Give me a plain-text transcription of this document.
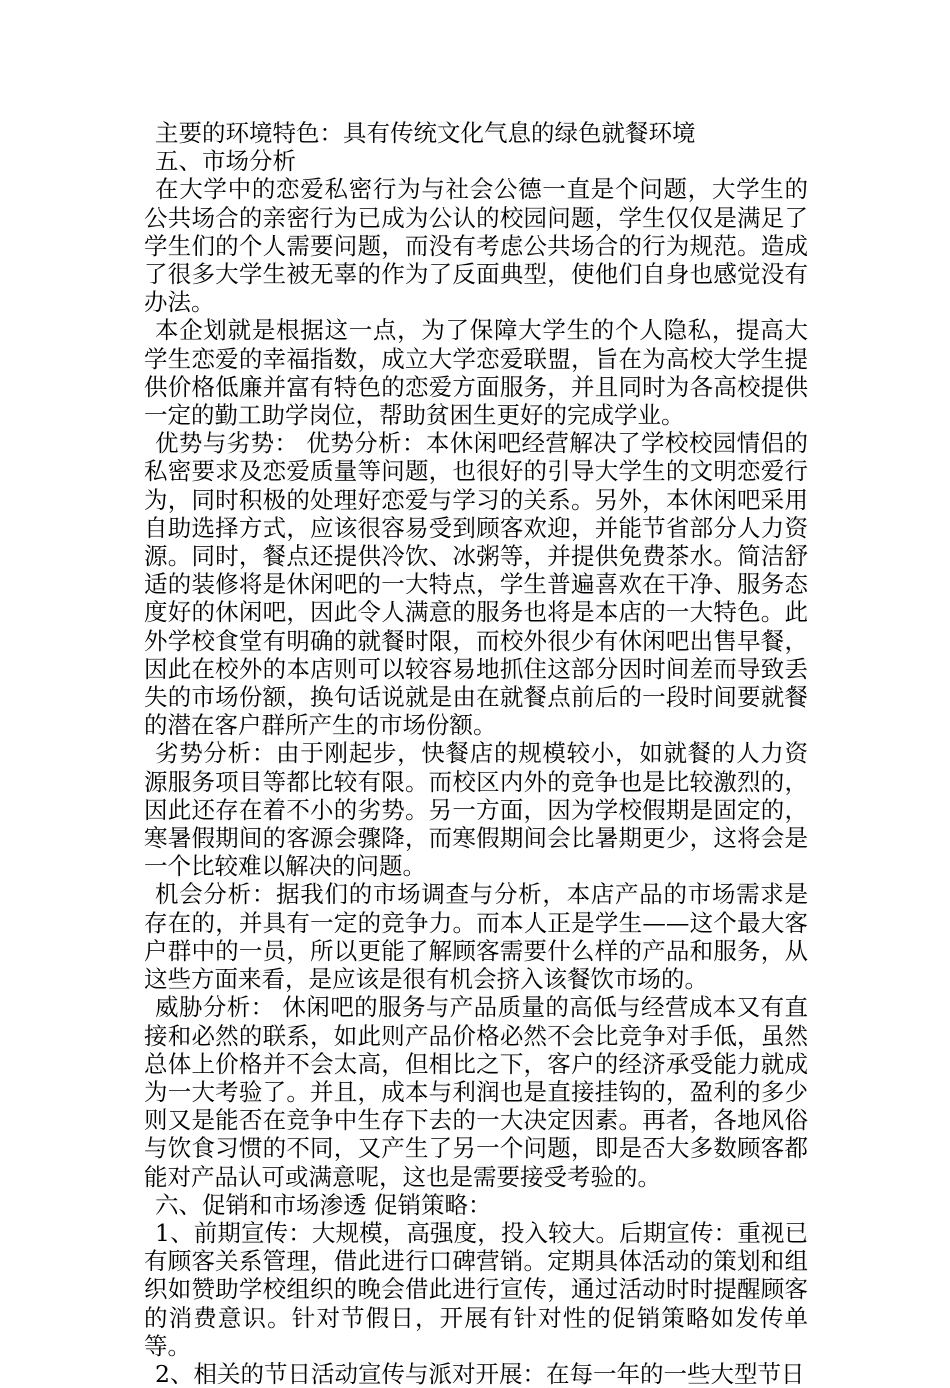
主要的环境特色：具有传统文化气息的绿色就餐环境

五、市场分析

在大学中的恋爱私密行为与社会公德一直是个问题，大学生的公共场合的亲密行为已成为公认的校园问题，学生仅仅是满足了学生们的个人需要问题，而没有考虑公共场合的行为规范。造成了很多大学生被无辜的作为了反面典型，使他们自身也感觉没有办法。

本企划就是根据这一点，为了保障大学生的个人隐私，提高大学生恋爱的幸福指数，成立大学恋爱联盟，旨在为高校大学生提供价格低廉并富有特色的恋爱方面服务，并且同时为各高校提供一定的勤工助学岗位，帮助贫困生更好的完成学业。

优势与劣势： 优势分析：本休闲吧经营解决了学校校园情侣的私密要求及恋爱质量等问题，也很好的引导大学生的文明恋爱行为，同时积极的处理好恋爱与学习的关系。另外，本休闲吧采用自助选择方式，应该很容易受到顾客欢迎，并能节省部分人力资源。同时，餐点还提供冷饮、冰粥等，并提供免费茶水。简洁舒适的装修将是休闲吧的一大特点，学生普遍喜欢在干净、服务态度好的休闲吧，因此令人满意的服务也将是本店的一大特色。此外学校食堂有明确的就餐时限，而校外很少有休闲吧出售早餐，因此在校外的本店则可以较容易地抓住这部分因时间差而导致丢失的市场份额，换句话说就是由在就餐点前后的一段时间要就餐的潜在客户群所产生的市场份额。

劣势分析：由于刚起步，快餐店的规模较小，如就餐的人力资源服务项目等都比较有限。而校区内外的竞争也是比较激烈的，因此还存在着不小的劣势。另一方面，因为学校假期是固定的，寒暑假期间的客源会骤降，而寒假期间会比暑期更少，这将会是一个比较难以解决的问题。

机会分析：据我们的市场调查与分析，本店产品的市场需求是存在的，并具有一定的竞争力。而本人正是学生——这个最大客户群中的一员，所以更能了解顾客需要什么样的产品和服务，从这些方面来看，是应该是很有机会挤入该餐饮市场的。

威胁分析： 休闲吧的服务与产品质量的高低与经营成本又有直接和必然的联系，如此则产品价格必然不会比竞争对手低，虽然总体上价格并不会太高，但相比之下，客户的经济承受能力就成为一大考验了。并且，成本与利润也是直接挂钩的，盈利的多少则又是能否在竞争中生存下去的一大决定因素。再者，各地风俗与饮食习惯的不同，又产生了另一个问题，即是否大多数顾客都能对产品认可或满意呢，这也是需要接受考验的。

六、促销和市场渗透 促销策略：

1、前期宣传：大规模，高强度，投入较大。后期宣传：重视已有顾客关系管理，借此进行口碑营销。定期具体活动的策划和组织如赞助学校组织的晚会借此进行宣传，通过活动时时提醒顾客的消费意识。针对节假日，开展有针对性的促销策略如发传单等。

2、相关的节日活动宣传与派对开展：在每一年的一些大型节日
